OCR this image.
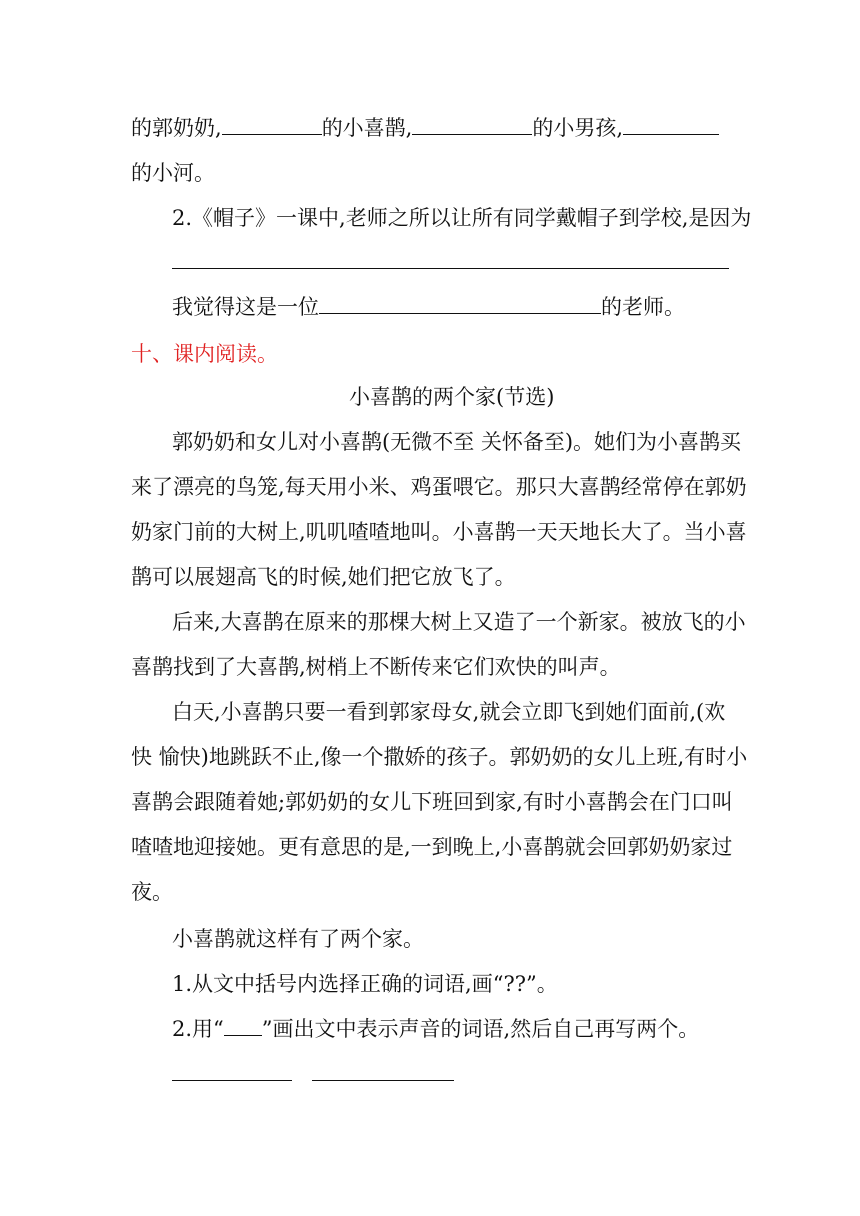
的郭奶奶,	的小喜鹊,	的小男孩,
的小河。
2.《帽子》一课中,老师之所以让所有同学戴帽子到学校,是因为
我觉得这是一位	的老师。
十、课内阅读。
小喜鹊的两个家(节选)
郭奶奶和女儿对小喜鹊(无微不至 关怀备至)。她们为小喜鹊买
来了漂亮的鸟笼,每天用小米、鸡蛋喂它。那只大喜鹊经常停在郭奶
奶家门前的大树上,叽叽喳喳地叫。小喜鹊一天天地长大了。当小喜
鹊可以展翅高飞的时候,她们把它放飞了。
后来,大喜鹊在原来的那棵大树上又造了一个新家。被放飞的小
喜鹊找到了大喜鹊,树梢上不断传来它们欢快的叫声。
白天,小喜鹊只要一看到郭家母女,就会立即飞到她们面前,(欢
快 愉快)地跳跃不止,像一个撒娇的孩子。郭奶奶的女儿上班,有时小
喜鹊会跟随着她;郭奶奶的女儿下班回到家,有时小喜鹊会在门口叫
喳喳地迎接她。更有意思的是,一到晚上,小喜鹊就会回郭奶奶家过
夜。
小喜鹊就这样有了两个家。
1.从文中括号内选择正确的词语,画“??”。
2.用“ ”画出文中表示声音的词语,然后自己再写两个。
